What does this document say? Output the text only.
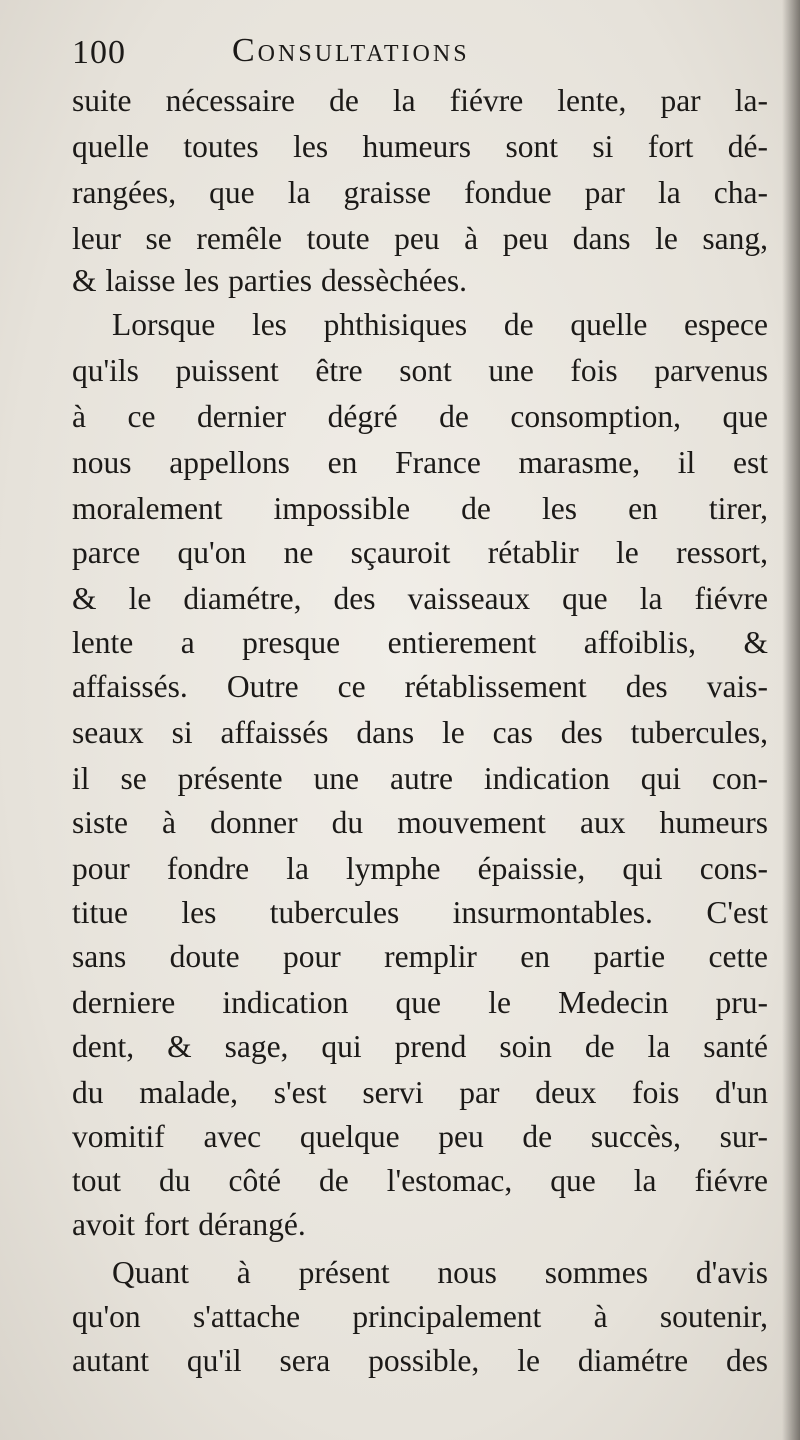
100	Consultations
suite nécessaire de la fiévre lente, par la-
quelle toutes les humeurs sont si fort dé-
rangées, que la graisse fondue par la cha-
leur se remêle toute peu à peu dans le sang,
& laisse les parties dessèchées.
Lorsque les phthisiques de quelle espece
qu'ils puissent être sont une fois parvenus
à ce dernier dégré de consomption, que
nous appellons en France marasme, il est
moralement impossible de les en tirer,
parce qu'on ne sçauroit rétablir le ressort,
& le diamétre, des vaisseaux que la fiévre
lente a presque entierement affoiblis, &
affaissés. Outre ce rétablissement des vais-
seaux si affaissés dans le cas des tubercules,
il se présente une autre indication qui con-
siste à donner du mouvement aux humeurs
pour fondre la lymphe épaissie, qui cons-
titue les tubercules insurmontables. C'est
sans doute pour remplir en partie cette
derniere indication que le Medecin pru-
dent, & sage, qui prend soin de la santé
du malade, s'est servi par deux fois d'un
vomitif avec quelque peu de succès, sur-
tout du côté de l'estomac, que la fiévre
avoit fort dérangé.
Quant à présent nous sommes d'avis
qu'on s'attache principalement à soutenir,
autant qu'il sera possible, le diamétre des
